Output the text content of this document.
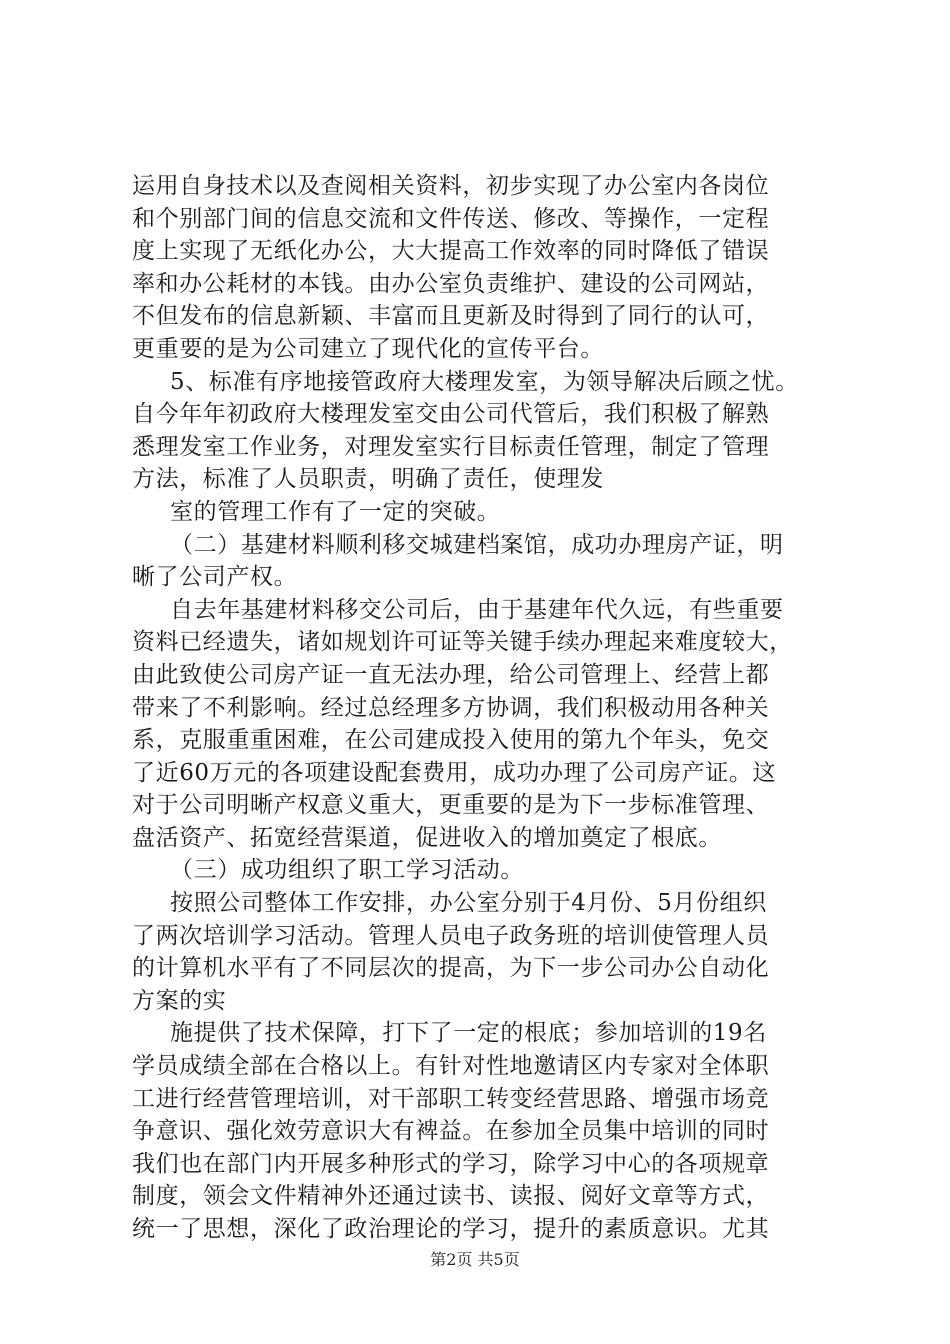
运用自身技术以及查阅相关资料，初步实现了办公室内各岗位
和个别部门间的信息交流和文件传送、修改、等操作，一定程
度上实现了无纸化办公，大大提高工作效率的同时降低了错误
率和办公耗材的本钱。由办公室负责维护、建设的公司网站，
不但发布的信息新颖、丰富而且更新及时得到了同行的认可，
更重要的是为公司建立了现代化的宣传平台。
5、标准有序地接管政府大楼理发室，为领导解决后顾之忧。
自今年年初政府大楼理发室交由公司代管后，我们积极了解熟
悉理发室工作业务，对理发室实行目标责任管理，制定了管理
方法，标准了人员职责，明确了责任，使理发
室的管理工作有了一定的突破。
（二）基建材料顺利移交城建档案馆，成功办理房产证，明
晰了公司产权。
自去年基建材料移交公司后，由于基建年代久远，有些重要
资料已经遗失，诸如规划许可证等关键手续办理起来难度较大，
由此致使公司房产证一直无法办理，给公司管理上、经营上都
带来了不利影响。经过总经理多方协调，我们积极动用各种关
系，克服重重困难，在公司建成投入使用的第九个年头，免交
了近60万元的各项建设配套费用，成功办理了公司房产证。这
对于公司明晰产权意义重大，更重要的是为下一步标准管理、
盘活资产、拓宽经营渠道，促进收入的增加奠定了根底。
（三）成功组织了职工学习活动。
按照公司整体工作安排，办公室分别于4月份、5月份组织
了两次培训学习活动。管理人员电子政务班的培训使管理人员
的计算机水平有了不同层次的提高，为下一步公司办公自动化
方案的实
施提供了技术保障，打下了一定的根底；参加培训的19名
学员成绩全部在合格以上。有针对性地邀请区内专家对全体职
工进行经营管理培训，对干部职工转变经营思路、增强市场竞
争意识、强化效劳意识大有裨益。在参加全员集中培训的同时
我们也在部门内开展多种形式的学习，除学习中心的各项规章
制度，领会文件精神外还通过读书、读报、阅好文章等方式，
统一了思想，深化了政治理论的学习，提升的素质意识。尤其
第2页 共5页
